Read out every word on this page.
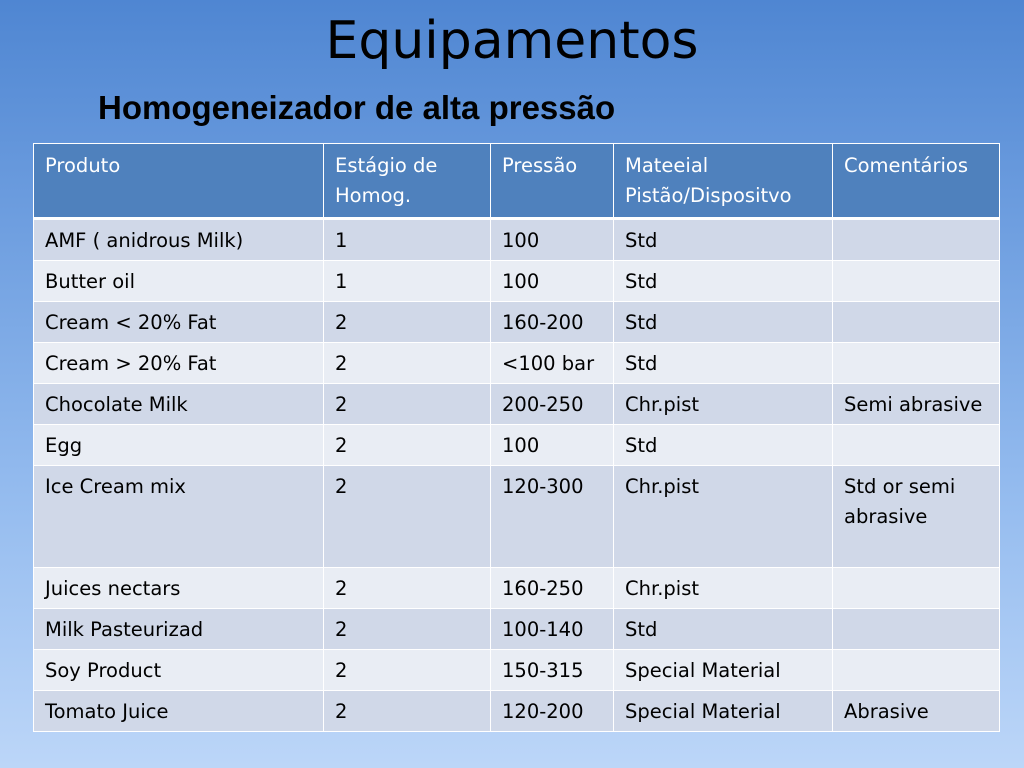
Equipamentos
Homogeneizador de alta pressão
Produto	Estágio de Homog.	Pressão	Mateeial Pistão/Dispositvo	Comentários
AMF ( anidrous Milk)	1	100	Std	
Butter oil	1	100	Std	
Cream < 20% Fat	2	160-200	Std	
Cream > 20% Fat	2	<100 bar	Std	
Chocolate Milk	2	200-250	Chr.pist	Semi abrasive
Egg	2	100	Std	
Ice Cream mix	2	120-300	Chr.pist	Std or semi abrasive
Juices nectars	2	160-250	Chr.pist	
Milk Pasteurizad	2	100-140	Std	
Soy Product	2	150-315	Special Material	
Tomato Juice	2	120-200	Special Material	Abrasive
